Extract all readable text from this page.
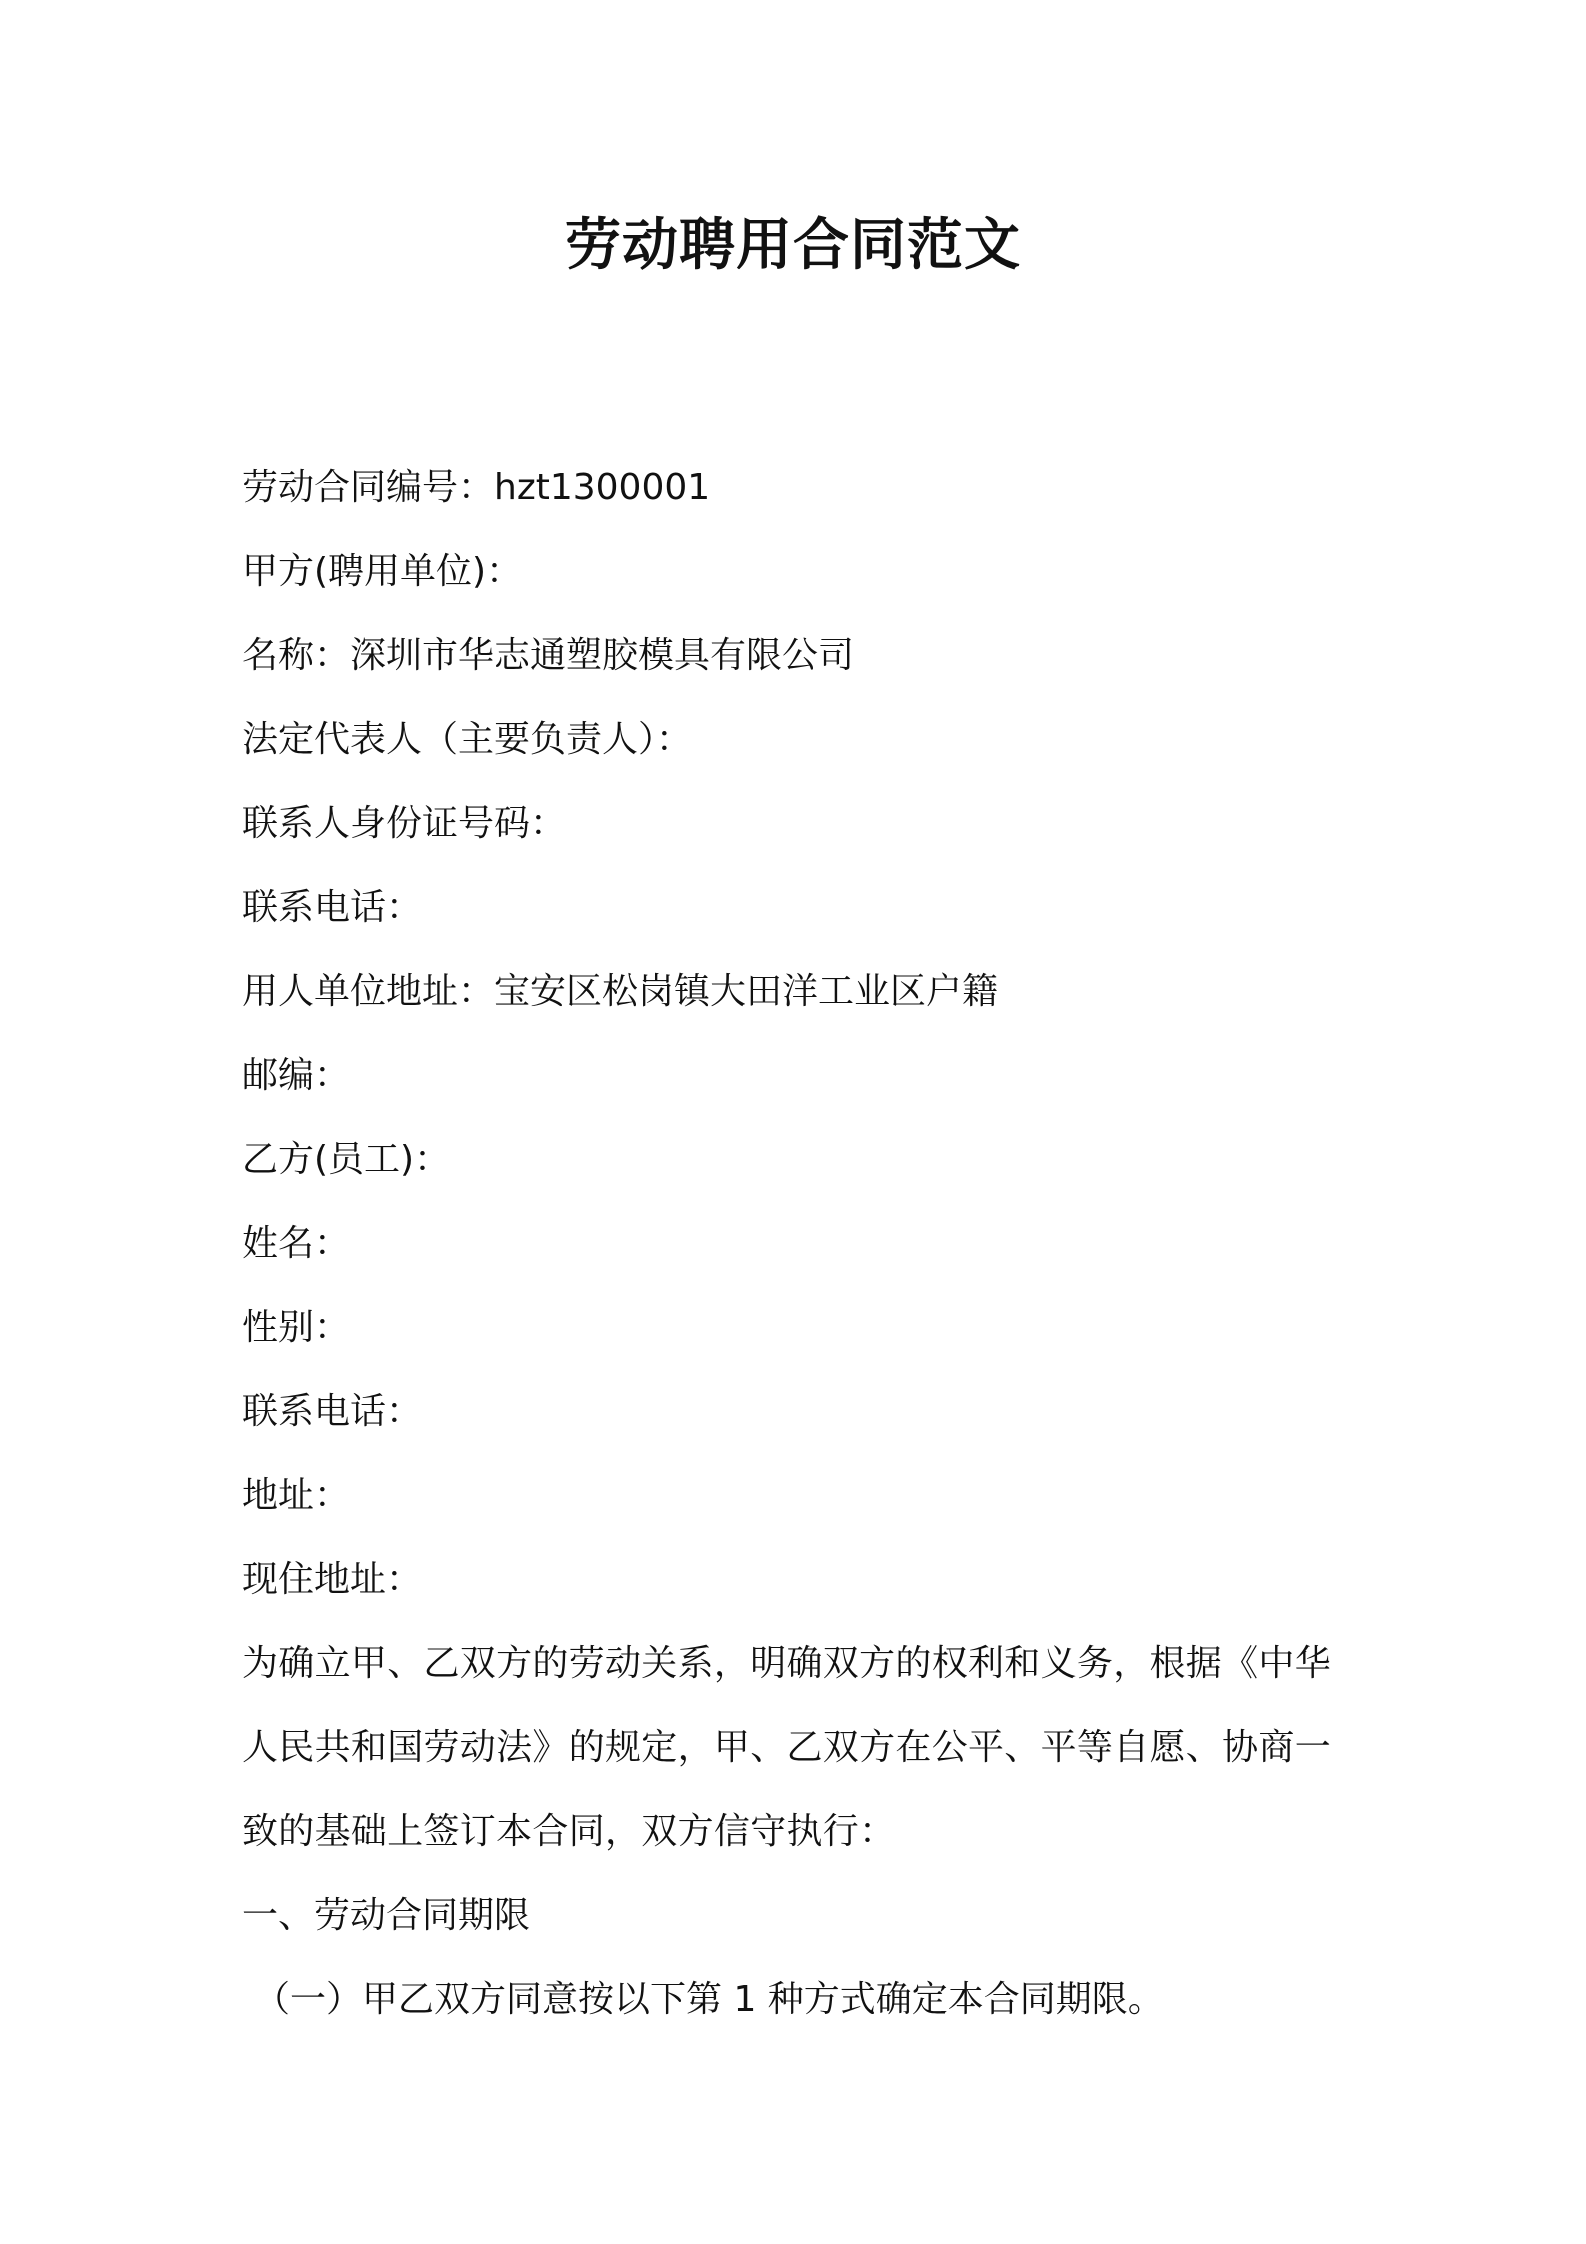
劳动聘用合同范文

劳动合同编号：hzt1300001

甲方(聘用单位)：

名称：深圳市华志通塑胶模具有限公司

法定代表人（主要负责人）：

联系人身份证号码：

联系电话：

用人单位地址：宝安区松岗镇大田洋工业区户籍

邮编：

乙方(员工)：

姓名：

性别：

联系电话：

地址：

现住地址：

为确立甲、乙双方的劳动关系，明确双方的权利和义务，根据《中华人民共和国劳动法》的规定，甲、乙双方在公平、平等自愿、协商一致的基础上签订本合同，双方信守执行：

一、劳动合同期限

（一）甲乙双方同意按以下第 1 种方式确定本合同期限。
